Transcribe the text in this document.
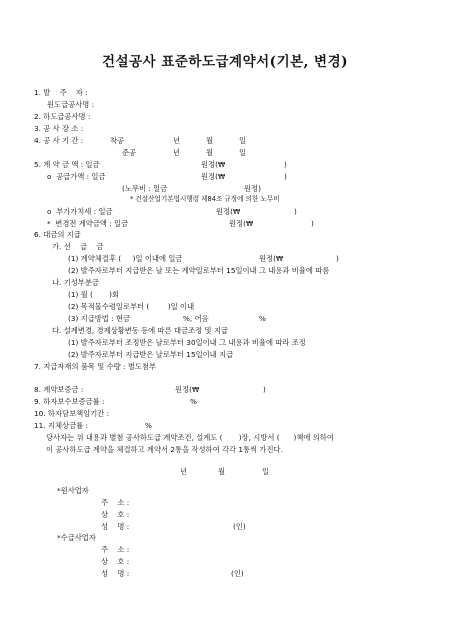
건설공사 표준하도급계약서(기본, 변경)
1. 발    주    자 :
원도급공사명 :
2. 하도급공사명 :
3. 공 사 장 소 :
4. 공 사 기 간 :	착공	년	월	일
준공	년	월	일
5. 계 약 금 액 : 일금	원정(₩	)
o  공급가액 : 일금	원정(₩	)
(노무비 : 일금	원정)
* 건설산업기본법시행령 제84조 규정에 의한 노무비
o  부가가치세 : 일금	원정(₩	)
*  변경전 계약금액 : 일금	원정(₩	)
6. 대금의 지급
가. 선    급    금
(1) 계약체결후 (     )일 이내에 일금	원정(₩	)
(2) 발주자로부터 지급받은 날 또는 계약일로부터 15일이내 그 내용과 비율에 따름
나. 기성부분금
(1) 월 (       )회
(2) 목적물수령일로부터 (        )일 이내
(3) 지급방법 : 현금	%, 어음	%
다. 설계변경, 경제상황변동 등에 따른 대금조정 및 지급
(1) 발주자로부터 조정받은 날로부터 30일이내 그 내용과 비율에 따라 조정
(2) 발주자로부터 지급받은 날로부터 15일이내 지급
7. 지급자재의 품목 및 수량 : 별도첨부
8. 계약보증금 :	원정(₩	)
9. 하자보수보증금률 :	%
10. 하자담보책임기간 :
11. 지체상금률 :	%
당사자는 위 내용과 별첨 공사하도급 계약조건, 설계도 (       )장, 시방서 (      )책에 의하여
이 공사하도급 계약을 체결하고 계약서 2통을 작성하여 각각 1통씩 가진다.
년	월	일
*원사업자
주    소 :
상    호 :
성    명 :	(인)
*수급사업자
주    소 :
상    호 :
성    명 :	(인)
